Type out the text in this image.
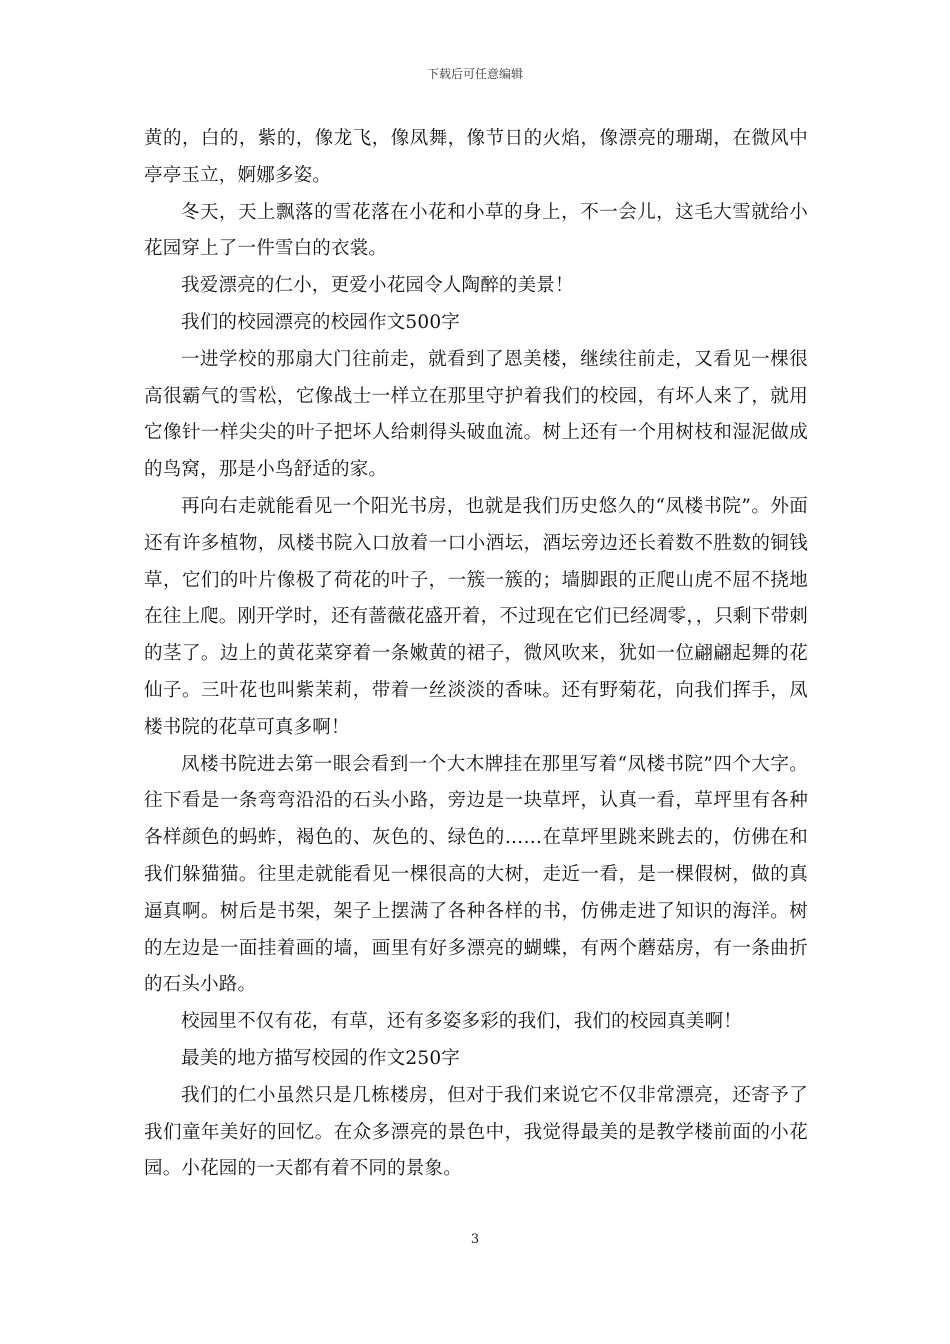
下载后可任意编辑

黄的，白的，紫的，像龙飞，像凤舞，像节日的火焰，像漂亮的珊瑚，在微风中亭亭玉立，婀娜多姿。

冬天，天上飘落的雪花落在小花和小草的身上，不一会儿，这毛大雪就给小花园穿上了一件雪白的衣裳。

我爱漂亮的仁小，更爱小花园令人陶醉的美景！

我们的校园漂亮的校园作文500字

一进学校的那扇大门往前走，就看到了恩美楼，继续往前走，又看见一棵很高很霸气的雪松，它像战士一样立在那里守护着我们的校园，有坏人来了，就用它像针一样尖尖的叶子把坏人给刺得头破血流。树上还有一个用树枝和湿泥做成的鸟窝，那是小鸟舒适的家。

再向右走就能看见一个阳光书房，也就是我们历史悠久的“凤楼书院”。外面还有许多植物，凤楼书院入口放着一口小酒坛，酒坛旁边还长着数不胜数的铜钱草，它们的叶片像极了荷花的叶子，一簇一簇的；墙脚跟的正爬山虎不屈不挠地在往上爬。刚开学时，还有蔷薇花盛开着，不过现在它们已经凋零，，只剩下带刺的茎了。边上的黄花菜穿着一条嫩黄的裙子，微风吹来，犹如一位翩翩起舞的花仙子。三叶花也叫紫茉莉，带着一丝淡淡的香味。还有野菊花，向我们挥手，凤楼书院的花草可真多啊！

凤楼书院进去第一眼会看到一个大木牌挂在那里写着“凤楼书院”四个大字。往下看是一条弯弯沿沿的石头小路，旁边是一块草坪，认真一看，草坪里有各种各样颜色的蚂蚱，褐色的、灰色的、绿色的……在草坪里跳来跳去的，仿佛在和我们躲猫猫。往里走就能看见一棵很高的大树，走近一看，是一棵假树，做的真逼真啊。树后是书架，架子上摆满了各种各样的书，仿佛走进了知识的海洋。树的左边是一面挂着画的墙，画里有好多漂亮的蝴蝶，有两个蘑菇房，有一条曲折的石头小路。

校园里不仅有花，有草，还有多姿多彩的我们，我们的校园真美啊！

最美的地方描写校园的作文250字

我们的仁小虽然只是几栋楼房，但对于我们来说它不仅非常漂亮，还寄予了我们童年美好的回忆。在众多漂亮的景色中，我觉得最美的是教学楼前面的小花园。小花园的一天都有着不同的景象。

3
